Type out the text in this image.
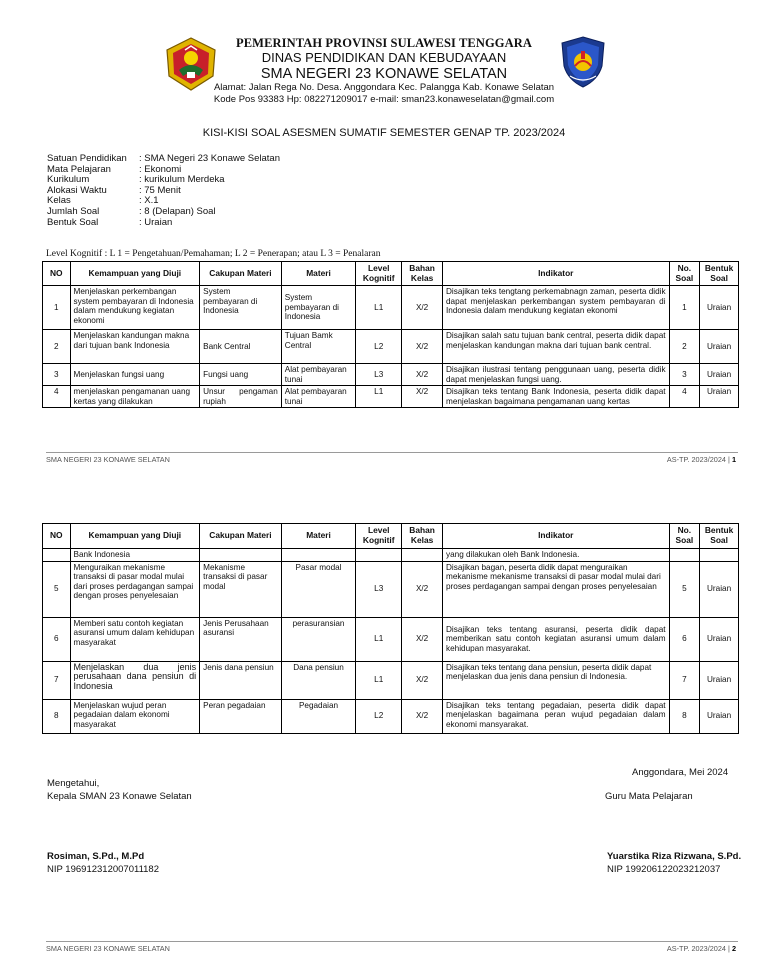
PEMERINTAH PROVINSI SULAWESI TENGGARA
DINAS PENDIDIKAN DAN KEBUDAYAAN
SMA NEGERI 23 KONAWE SELATAN
Alamat: Jalan Rega No. Desa. Anggondara Kec. Palangga Kab. Konawe Selatan
Kode Pos 93383 Hp: 082271209017 e-mail: sman23.konaweselatan@gmail.com
KISI-KISI SOAL ASESMEN SUMATIF SEMESTER GENAP TP. 2023/2024
Satuan Pendidikan	: SMA Negeri 23 Konawe Selatan
Mata Pelajaran	: Ekonomi
Kurikulum	: kurikulum Merdeka
Alokasi Waktu	: 75 Menit
Kelas	: X.1
Jumlah Soal	: 8 (Delapan) Soal
Bentuk Soal	: Uraian
Level Kognitif : L 1 = Pengetahuan/Pemahaman; L 2 = Penerapan; atau L 3 = Penalaran
NO	Kemampuan yang Diuji	Cakupan Materi	Materi	Level Kognitif	Bahan Kelas	Indikator	No. Soal	Bentuk Soal
1	Menjelaskan perkembangan system pembayaran di Indonesia dalam mendukung kegiatan ekonomi	System pembayaran di Indonesia	System pembayaran di Indonesia	L1	X/2	Disajikan teks tengtang perkemabnagn zaman, peserta didik dapat menjelaskan perkembangan system pembayaran di Indonesia dalam mendukung kegiatan ekonomi	1	Uraian
2	Menjelaskan kandungan makna dari tujuan bank Indonesia	Bank Central	Tujuan Bamk Central	L2	X/2	Disajikan salah satu tujuan bank central, peserta didik dapat menjelaskan kandungan makna dari tujuan bank central.	2	Uraian
3	Menjelaskan fungsi uang	Fungsi uang	Alat pembayaran tunai	L3	X/2	Disajikan ilustrasi tentang penggunaan uang, peserta didik dapat menjelaskan fungsi uang.	3	Uraian
4	menjelaskan pengamanan uang kertas yang dilakukan	Unsur pengaman rupiah	Alat pembayaran tunai	L1	X/2	Disajikan teks tentang Bank Indonesia, peserta didik dapat menjelaskan bagaimana pengamanan uang kertas	4	Uraian
SMA NEGERI 23 KONAWE SELATAN	AS-TP. 2023/2024 | 1
NO	Kemampuan yang Diuji	Cakupan Materi	Materi	Level Kognitif	Bahan Kelas	Indikator	No. Soal	Bentuk Soal
	Bank Indonesia					yang dilakukan oleh Bank Indonesia.		
5	Menguraikan mekanisme transaksi di pasar modal mulai dari proses perdagangan sampai dengan proses penyelesaian	Mekanisme transaksi di pasar modal	Pasar modal	L3	X/2	Disajikan bagan, peserta didik dapat menguraikan mekanisme mekanisme transaksi di pasar modal mulai dari proses perdagangan sampai dengan proses penyelesaian	5	Uraian
6	Memberi satu contoh kegiatan asuransi umum dalam kehidupan masyarakat	Jenis Perusahaan asuransi	perasuransian	L1	X/2	Disajikan teks tentang asuransi, peserta didik dapat memberikan satu contoh kegiatan asuransi umum dalam kehidupan masyarakat.	6	Uraian
7	Menjelaskan dua jenis perusahaan dana pensiun di Indonesia	Jenis dana pensiun	Dana pensiun	L1	X/2	Disajikan teks tentang dana pensiun, peserta didik dapat menjelaskan dua jenis dana pensiun di Indonesia.	7	Uraian
8	Menjelaskan wujud peran pegadaian dalam ekonomi masyarakat	Peran pegadaian	Pegadaian	L2	X/2	Disajikan teks tentang pegadaian, peserta didik dapat menjelaskan bagaimana peran wujud pegadaian dalam ekonomi mansyarakat.	8	Uraian
Anggondara, Mei 2024
Mengetahui,
Kepala SMAN 23 Konawe Selatan	Guru Mata Pelajaran
Rosiman, S.Pd., M.Pd
NIP 196912312007011182
Yuarstika Riza Rizwana, S.Pd.
NIP 199206122023212037
SMA NEGERI 23 KONAWE SELATAN	AS-TP. 2023/2024 | 2
